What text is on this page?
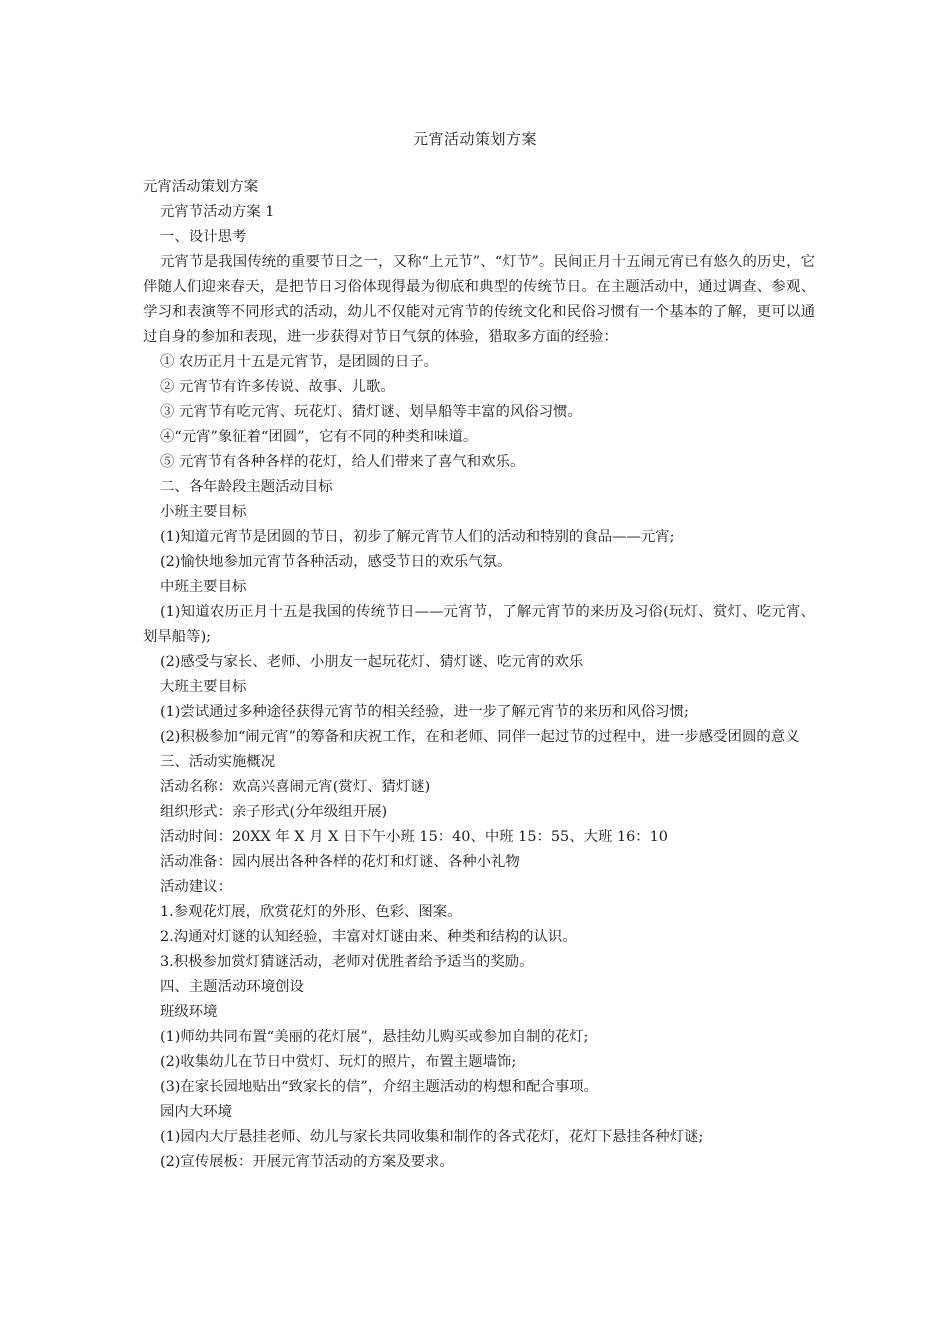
元宵活动策划方案

元宵活动策划方案

元宵节活动方案 1

一、设计思考

元宵节是我国传统的重要节日之一，又称“上元节”、“灯节”。民间正月十五闹元宵已有悠久的历史，它伴随人们迎来春天，是把节日习俗体现得最为彻底和典型的传统节日。在主题活动中，通过调查、参观、学习和表演等不同形式的活动，幼儿不仅能对元宵节的传统文化和民俗习惯有一个基本的了解，更可以通过自身的参加和表现，进一步获得对节日气氛的体验，猎取多方面的经验：

① 农历正月十五是元宵节，是团圆的日子。

② 元宵节有许多传说、故事、儿歌。

③ 元宵节有吃元宵、玩花灯、猜灯谜、划旱船等丰富的风俗习惯。

④“元宵”象征着“团圆”，它有不同的种类和味道。

⑤ 元宵节有各种各样的花灯，给人们带来了喜气和欢乐。

二、各年龄段主题活动目标

小班主要目标

(1)知道元宵节是团圆的节日，初步了解元宵节人们的活动和特别的食品——元宵;

(2)愉快地参加元宵节各种活动，感受节日的欢乐气氛。

中班主要目标

(1)知道农历正月十五是我国的传统节日——元宵节，了解元宵节的来历及习俗(玩灯、赏灯、吃元宵、划旱船等);

(2)感受与家长、老师、小朋友一起玩花灯、猜灯谜、吃元宵的欢乐

大班主要目标

(1)尝试通过多种途径获得元宵节的相关经验，进一步了解元宵节的来历和风俗习惯;

(2)积极参加“闹元宵”的筹备和庆祝工作，在和老师、同伴一起过节的过程中，进一步感受团圆的意义

三、活动实施概况

活动名称：欢高兴喜闹元宵(赏灯、猜灯谜)

组织形式：亲子形式(分年级组开展)

活动时间：20XX 年 X 月 X 日下午小班 15：40、中班 15：55、大班 16：10

活动准备：园内展出各种各样的花灯和灯谜、各种小礼物

活动建议：

1.参观花灯展，欣赏花灯的外形、色彩、图案。

2.沟通对灯谜的认知经验，丰富对灯谜由来、种类和结构的认识。

3.积极参加赏灯猜谜活动，老师对优胜者给予适当的奖励。

四、主题活动环境创设

班级环境

(1)师幼共同布置“美丽的花灯展”，悬挂幼儿购买或参加自制的花灯;

(2)收集幼儿在节日中赏灯、玩灯的照片，布置主题墙饰;

(3)在家长园地贴出“致家长的信”，介绍主题活动的构想和配合事项。

园内大环境

(1)园内大厅悬挂老师、幼儿与家长共同收集和制作的各式花灯，花灯下悬挂各种灯谜;

(2)宣传展板：开展元宵节活动的方案及要求。
